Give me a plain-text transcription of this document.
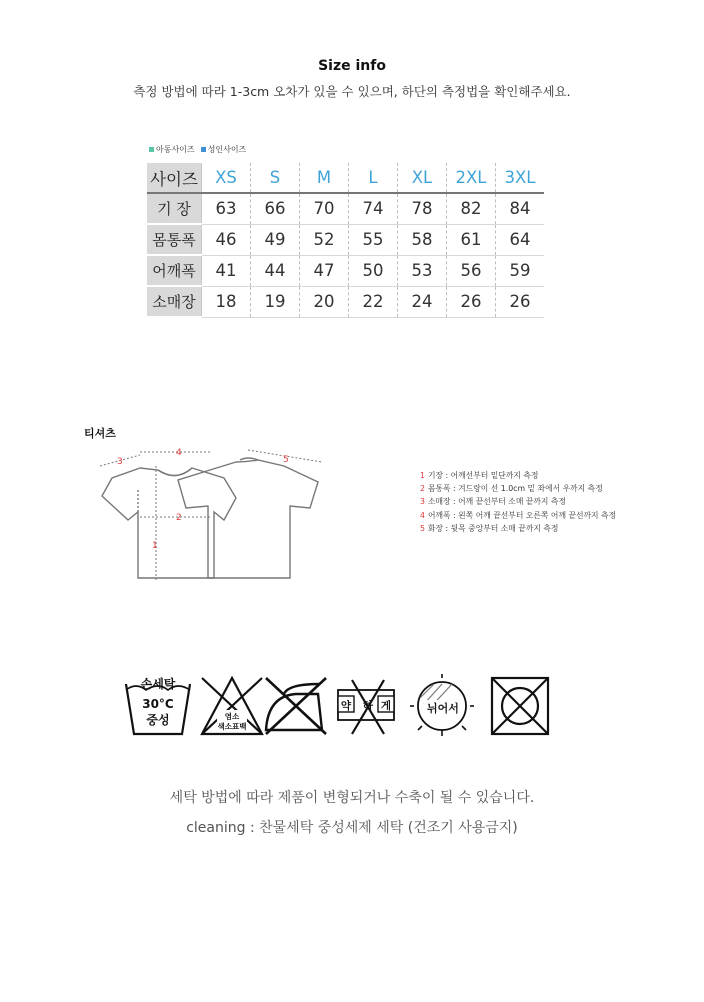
Size info
측정 방법에 따라 1-3cm 오차가 있을 수 있으며, 하단의 측정법을 확인해주세요.
아동사이즈	성인사이즈
사이즈	XS	S	M	L	XL	2XL	3XL
기 장	63	66	70	74	78	82	84
몸통폭	46	49	52	55	58	61	64
어깨폭	41	44	47	50	53	56	59
소매장	18	19	20	22	24	26	26
티셔츠
1
2
3
4
5
1 기장 : 어깨선부터 밑단까지 측정
2 몸통폭 : 겨드랑이 선 1.0cm 밑 좌에서 우까지 측정
3 소매장 : 어깨 끝선부터 소매 끝까지 측정
4 어깨폭 : 왼쪽 어깨 끝선부터 오른쪽 어깨 끝선까지 측정
5 화장 : 뒷목 중앙부터 소매 끝까지 측정
손세탁
30°C
중성	염소
색소표백
약 하 게	뉘어서
세탁 방법에 따라 제품이 변형되거나 수축이 될 수 있습니다.
cleaning : 찬물세탁 중성세제 세탁 (건조기 사용금지)
